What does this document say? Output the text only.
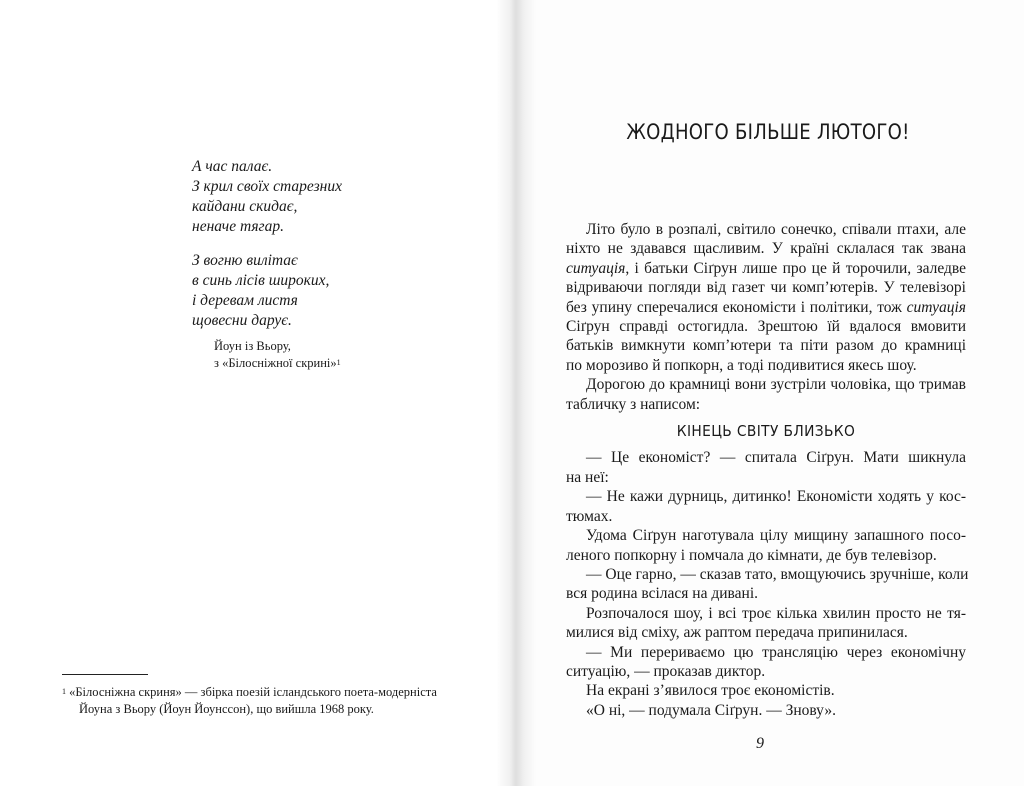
А час палає.
З крил своїх старезних
кайдани скидає,
неначе тягар.
З вогню вилітає
в синь лісів широких,
і деревам листя
щовесни дарує.
Йоун із Вьору,
з «Білосніжної скрині»$^1$
$^1$ «Білосніжна скриня» — збірка поезій ісландського поета-модерніста
Йоуна з Вьору (Йоун Йоунссон), що вийшла 1968 року.
ЖОДНОГО БІЛЬШЕ ЛЮТОГО!
Літо було в розпалі, світило сонечко, співали птахи, але
ніхто не здавався щасливим. У країні склалася так звана
ситуація, і батьки Сіґрун лише про це й торочили, заледве
відриваючи погляди від газет чи комп’ютерів. У телевізорі
без упину сперечалися економісти і політики, тож ситуація
Сіґрун справді остогидла. Зрештою їй вдалося вмовити
батьків вимкнути комп’ютери та піти разом до крамниці
по морозиво й попкорн, а тоді подивитися якесь шоу.
Дорогою до крамниці вони зустріли чоловіка, що тримав
табличку з написом:
КІНЕЦЬ СВІТУ БЛИЗЬКО
— Це економіст? — спитала Сіґрун. Мати шикнула
на неї:
— Не кажи дурниць, дитинко! Економісти ходять у кос-
тюмах.
Удома Сіґрун наготувала цілу мищину запашного посо-
леного попкорну і помчала до кімнати, де був телевізор.
— Оце гарно, — сказав тато, вмощуючись зручніше, коли
вся родина всілася на дивані.
Розпочалося шоу, і всі троє кілька хвилин просто не тя-
милися від сміху, аж раптом передача припинилася.
— Ми перериваємо цю трансляцію через економічну
ситуацію, — проказав диктор.
На екрані з’явилося троє економістів.
«О ні, — подумала Сіґрун. — Знову».
9
